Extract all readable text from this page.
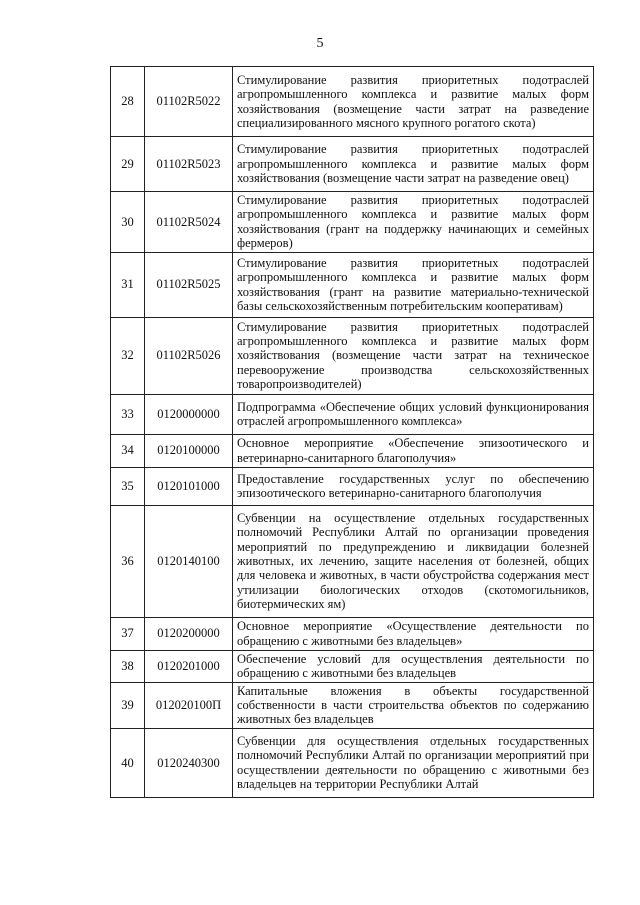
5
28	01102R5022	Стимулирование развития приоритетных подотраслей агропромышленного комплекса и развитие малых форм хозяйствования (возмещение части затрат на разведение специализированного мясного крупного рогатого скота)
29	01102R5023	Стимулирование развития приоритетных подотраслей агропромышленного комплекса и развитие малых форм хозяйствования (возмещение части затрат на разведение овец)
30	01102R5024	Стимулирование развития приоритетных подотраслей агропромышленного комплекса и развитие малых форм хозяйствования (грант на поддержку начинающих и семейных фермеров)
31	01102R5025	Стимулирование развития приоритетных подотраслей агропромышленного комплекса и развитие малых форм хозяйствования (грант на развитие материально-технической базы сельскохозяйственным потребительским кооперативам)
32	01102R5026	Стимулирование развития приоритетных подотраслей агропромышленного комплекса и развитие малых форм хозяйствования (возмещение части затрат на техническое перевооружение производства сельскохозяйственных товаропроизводителей)
33	0120000000	Подпрограмма «Обеспечение общих условий функционирования отраслей агропромышленного комплекса»
34	0120100000	Основное мероприятие «Обеспечение эпизоотического и ветеринарно-санитарного благополучия»
35	0120101000	Предоставление государственных услуг по обеспечению эпизоотического ветеринарно-санитарного благополучия
36	0120140100	Субвенции на осуществление отдельных государственных полномочий Республики Алтай по организации проведения мероприятий по предупреждению и ликвидации болезней животных, их лечению, защите населения от болезней, общих для человека и животных, в части обустройства содержания мест утилизации биологических отходов (скотомогильников, биотермических ям)
37	0120200000	Основное мероприятие «Осуществление деятельности по обращению с животными без владельцев»
38	0120201000	Обеспечение условий для осуществления деятельности по обращению с животными без владельцев
39	012020100П	Капитальные вложения в объекты государственной собственности в части строительства объектов по содержанию животных без владельцев
40	0120240300	Субвенции для осуществления отдельных государственных полномочий Республики Алтай по организации мероприятий при осуществлении деятельности по обращению с животными без владельцев на территории Республики Алтай
